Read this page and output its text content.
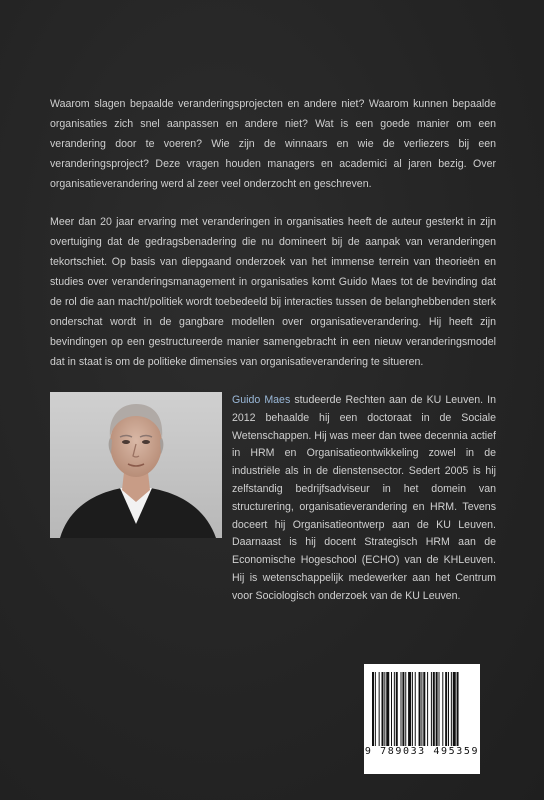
Waarom slagen bepaalde veranderingsprojecten en andere niet? Waarom kunnen bepaalde organisaties zich snel aanpassen en andere niet? Wat is een goede manier om een verandering door te voeren? Wie zijn de winnaars en wie de verliezers bij een veranderingsproject? Deze vragen houden managers en academici al jaren bezig. Over organisatieverandering werd al zeer veel onderzocht en geschreven.

Meer dan 20 jaar ervaring met veranderingen in organisaties heeft de auteur gesterkt in zijn overtuiging dat de gedragsbenadering die nu domineert bij de aanpak van veranderingen tekortschiet. Op basis van diepgaand onderzoek van het immense terrein van theorieën en studies over veranderingsmanagement in organisaties komt Guido Maes tot de bevinding dat de rol die aan macht/politiek wordt toebedeeld bij interacties tussen de belanghebbenden sterk onderschat wordt in de gangbare modellen over organisatieverandering. Hij heeft zijn bevindingen op een gestructureerde manier samengebracht in een nieuw veranderingsmodel dat in staat is om de politieke dimensies van organisatieverandering te situeren.

Guido Maes studeerde Rechten aan de KU Leuven. In 2012 behaalde hij een doctoraat in de Sociale Wetenschappen. Hij was meer dan twee decennia actief in HRM en Organisatieontwikkeling zowel in de industriële als in de dienstensector. Sedert 2005 is hij zelfstandig bedrijfsadviseur in het domein van structurering, organisatieverandering en HRM. Tevens doceert hij Organisatieontwerp aan de KU Leuven. Daarnaast is hij docent Strategisch HRM aan de Economische Hogeschool (ECHO) van de KHLeuven. Hij is wetenschappelijk medewerker aan het Centrum voor Sociologisch onderzoek van de KU Leuven.

9 789033 495359
